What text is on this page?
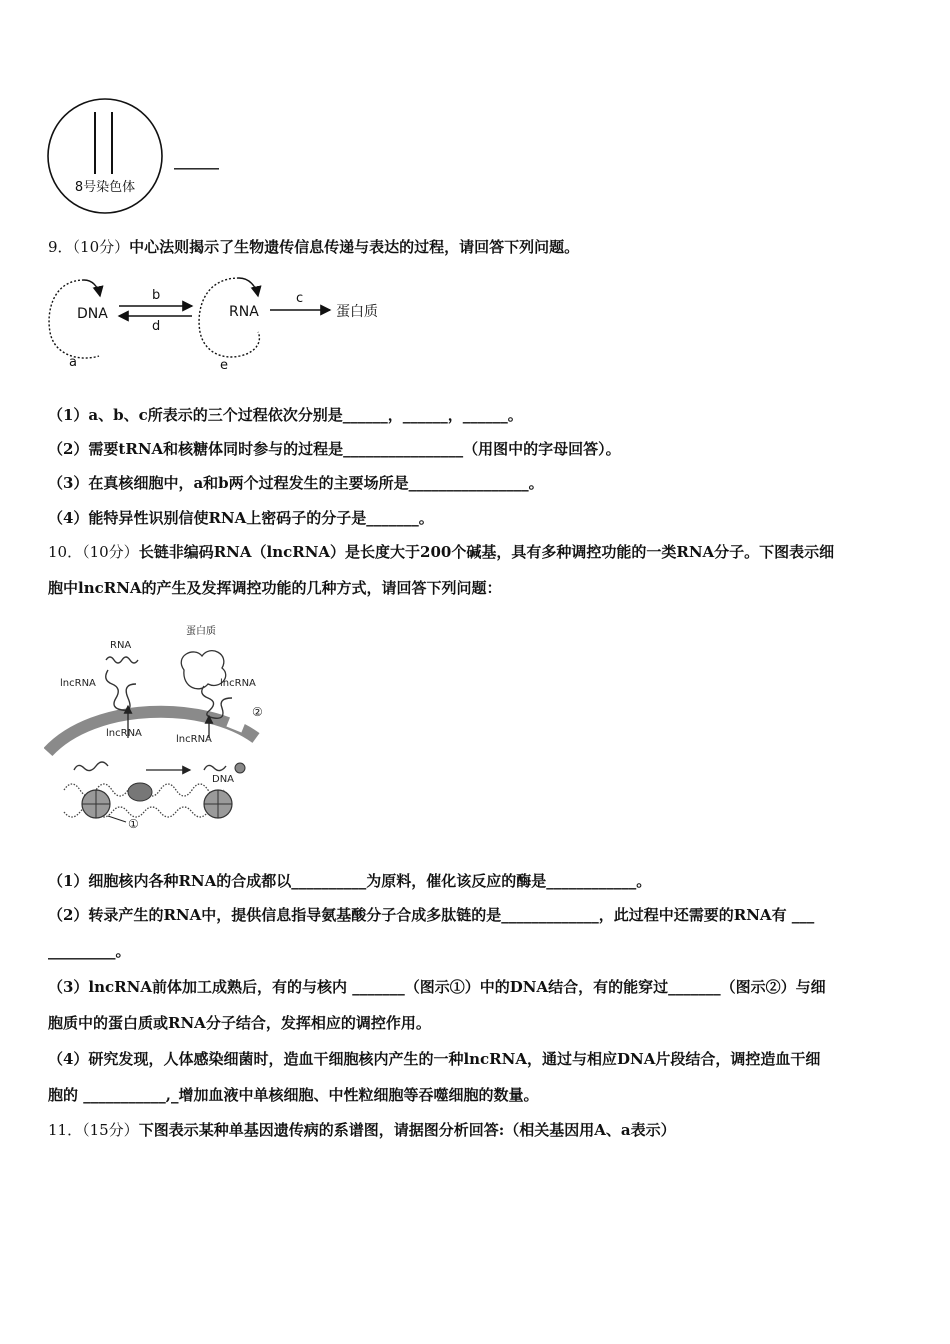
8号染色体
______
9．（10分）中心法则揭示了生物遗传信息传递与表达的过程，请回答下列问题。
DNA
a
b
d
RNA
e
c
蛋白质
（1）a、b、c所表示的三个过程依次分别是______，______，______。
（2）需要tRNA和核糖体同时参与的过程是________________（用图中的字母回答）。
（3）在真核细胞中，a和b两个过程发生的主要场所是________________。
（4）能特异性识别信使RNA上密码子的分子是_______。
10．（10分）长链非编码RNA（lncRNA）是长度大于200个碱基，具有多种调控功能的一类RNA分子。下图表示细
胞中lncRNA的产生及发挥调控功能的几种方式，请回答下列问题：
RNA
lncRNA
蛋白质
lncRNA
lncRNA
lncRNA
②
DNA
①
（1）细胞核内各种RNA的合成都以__________为原料，催化该反应的酶是____________。
（2）转录产生的RNA中，提供信息指导氨基酸分子合成多肽链的是_____________，此过程中还需要的RNA有 ___
_________。
（3）lncRNA前体加工成熟后，有的与核内 _______（图示①）中的DNA结合，有的能穿过_______（图示②）与细
胞质中的蛋白质或RNA分子结合，发挥相应的调控作用。
（4）研究发现，人体感染细菌时，造血干细胞核内产生的一种lncRNA，通过与相应DNA片段结合，调控造血干细
胞的 ___________,_增加血液中单核细胞、中性粒细胞等吞噬细胞的数量。
11．（15分）下图表示某种单基因遗传病的系谱图，请据图分析回答:（相关基因用A、a表示）
